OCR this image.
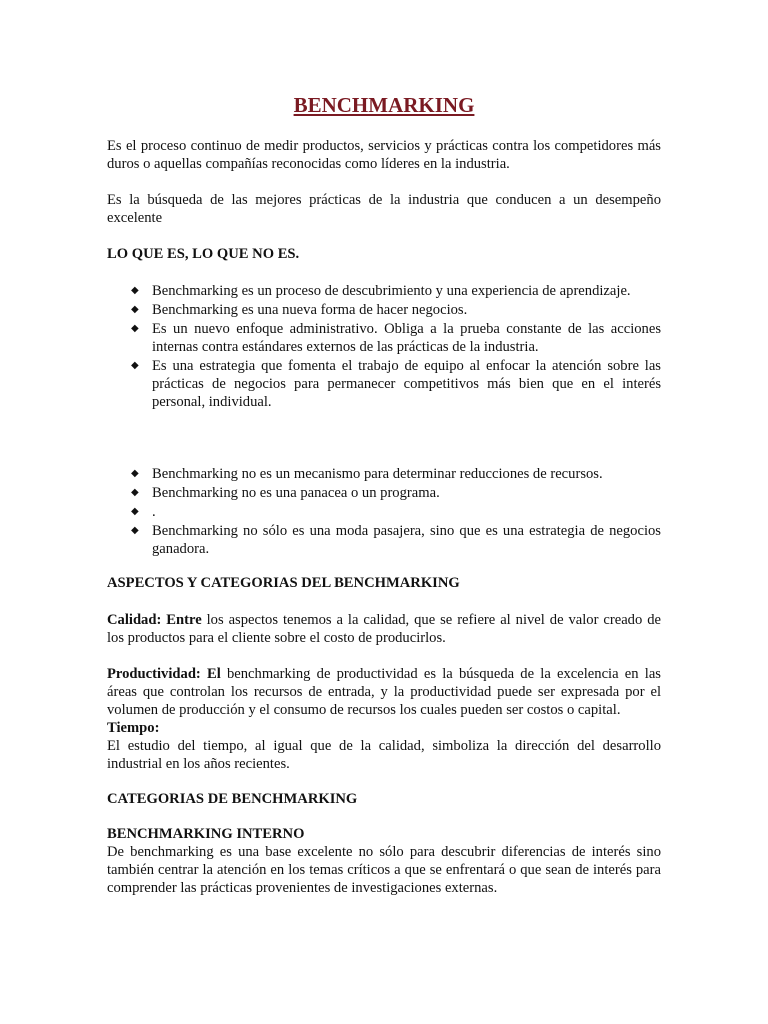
BENCHMARKING

Es el proceso continuo de medir productos, servicios y prácticas contra los competidores más duros o aquellas compañías reconocidas como líderes en la industria.

Es la búsqueda de las mejores prácticas de la industria que conducen a un desempeño excelente

LO QUE ES, LO QUE NO ES.

◆ Benchmarking es un proceso de descubrimiento y una experiencia de aprendizaje.
◆ Benchmarking es una nueva forma de hacer negocios.
◆ Es un nuevo enfoque administrativo. Obliga a la prueba constante de las acciones internas contra estándares externos de las prácticas de la industria.
◆ Es una estrategia que fomenta el trabajo de equipo al enfocar la atención sobre las prácticas de negocios para permanecer competitivos más bien que en el interés personal, individual.
◆ Benchmarking no es un mecanismo para determinar reducciones de recursos.
◆ Benchmarking no es una panacea o un programa.
◆ .
◆ Benchmarking no sólo es una moda pasajera, sino que es una estrategia de negocios ganadora.

ASPECTOS Y CATEGORIAS DEL BENCHMARKING

Calidad: Entre los aspectos tenemos a la calidad, que se refiere al nivel de valor creado de los productos para el cliente sobre el costo de producirlos.

Productividad: El benchmarking de productividad es la búsqueda de la excelencia en las áreas que controlan los recursos de entrada, y la productividad puede ser expresada por el volumen de producción y el consumo de recursos los cuales pueden ser costos o capital.

Tiempo:

El estudio del tiempo, al igual que de la calidad, simboliza la dirección del desarrollo industrial en los años recientes.

CATEGORIAS DE BENCHMARKING

BENCHMARKING INTERNO

De benchmarking es una base excelente no sólo para descubrir diferencias de interés sino también centrar la atención en los temas críticos a que se enfrentará o que sean de interés para comprender las prácticas provenientes de investigaciones externas.
